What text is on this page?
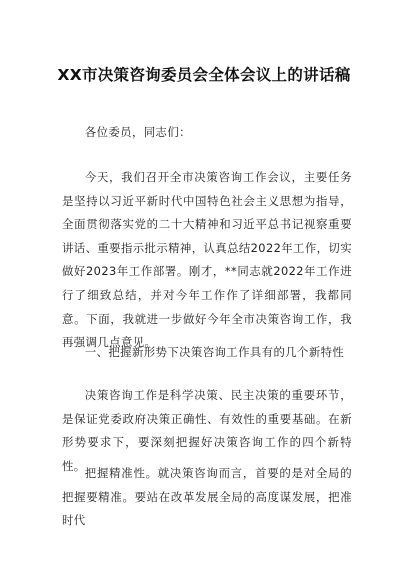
XX市决策咨询委员会全体会议上的讲话稿
各位委员，同志们：
今天，我们召开全市决策咨询工作会议，主要任务是坚持以习近平新时代中国特色社会主义思想为指导，全面贯彻落实党的二十大精神和习近平总书记视察重要讲话、重要指示批示精神，认真总结2022年工作，切实做好2023年工作部署。刚才，**同志就2022年工作进行了细致总结，并对今年工作作了详细部署，我都同意。下面，我就进一步做好今年全市决策咨询工作，我再强调几点意见。
一、把握新形势下决策咨询工作具有的几个新特性
决策咨询工作是科学决策、民主决策的重要环节，是保证党委政府决策正确性、有效性的重要基础。在新形势要求下，要深刻把握好决策咨询工作的四个新特性。
把握精准性。就决策咨询而言，首要的是对全局的把握要精准。要站在改革发展全局的高度谋发展，把准时代
